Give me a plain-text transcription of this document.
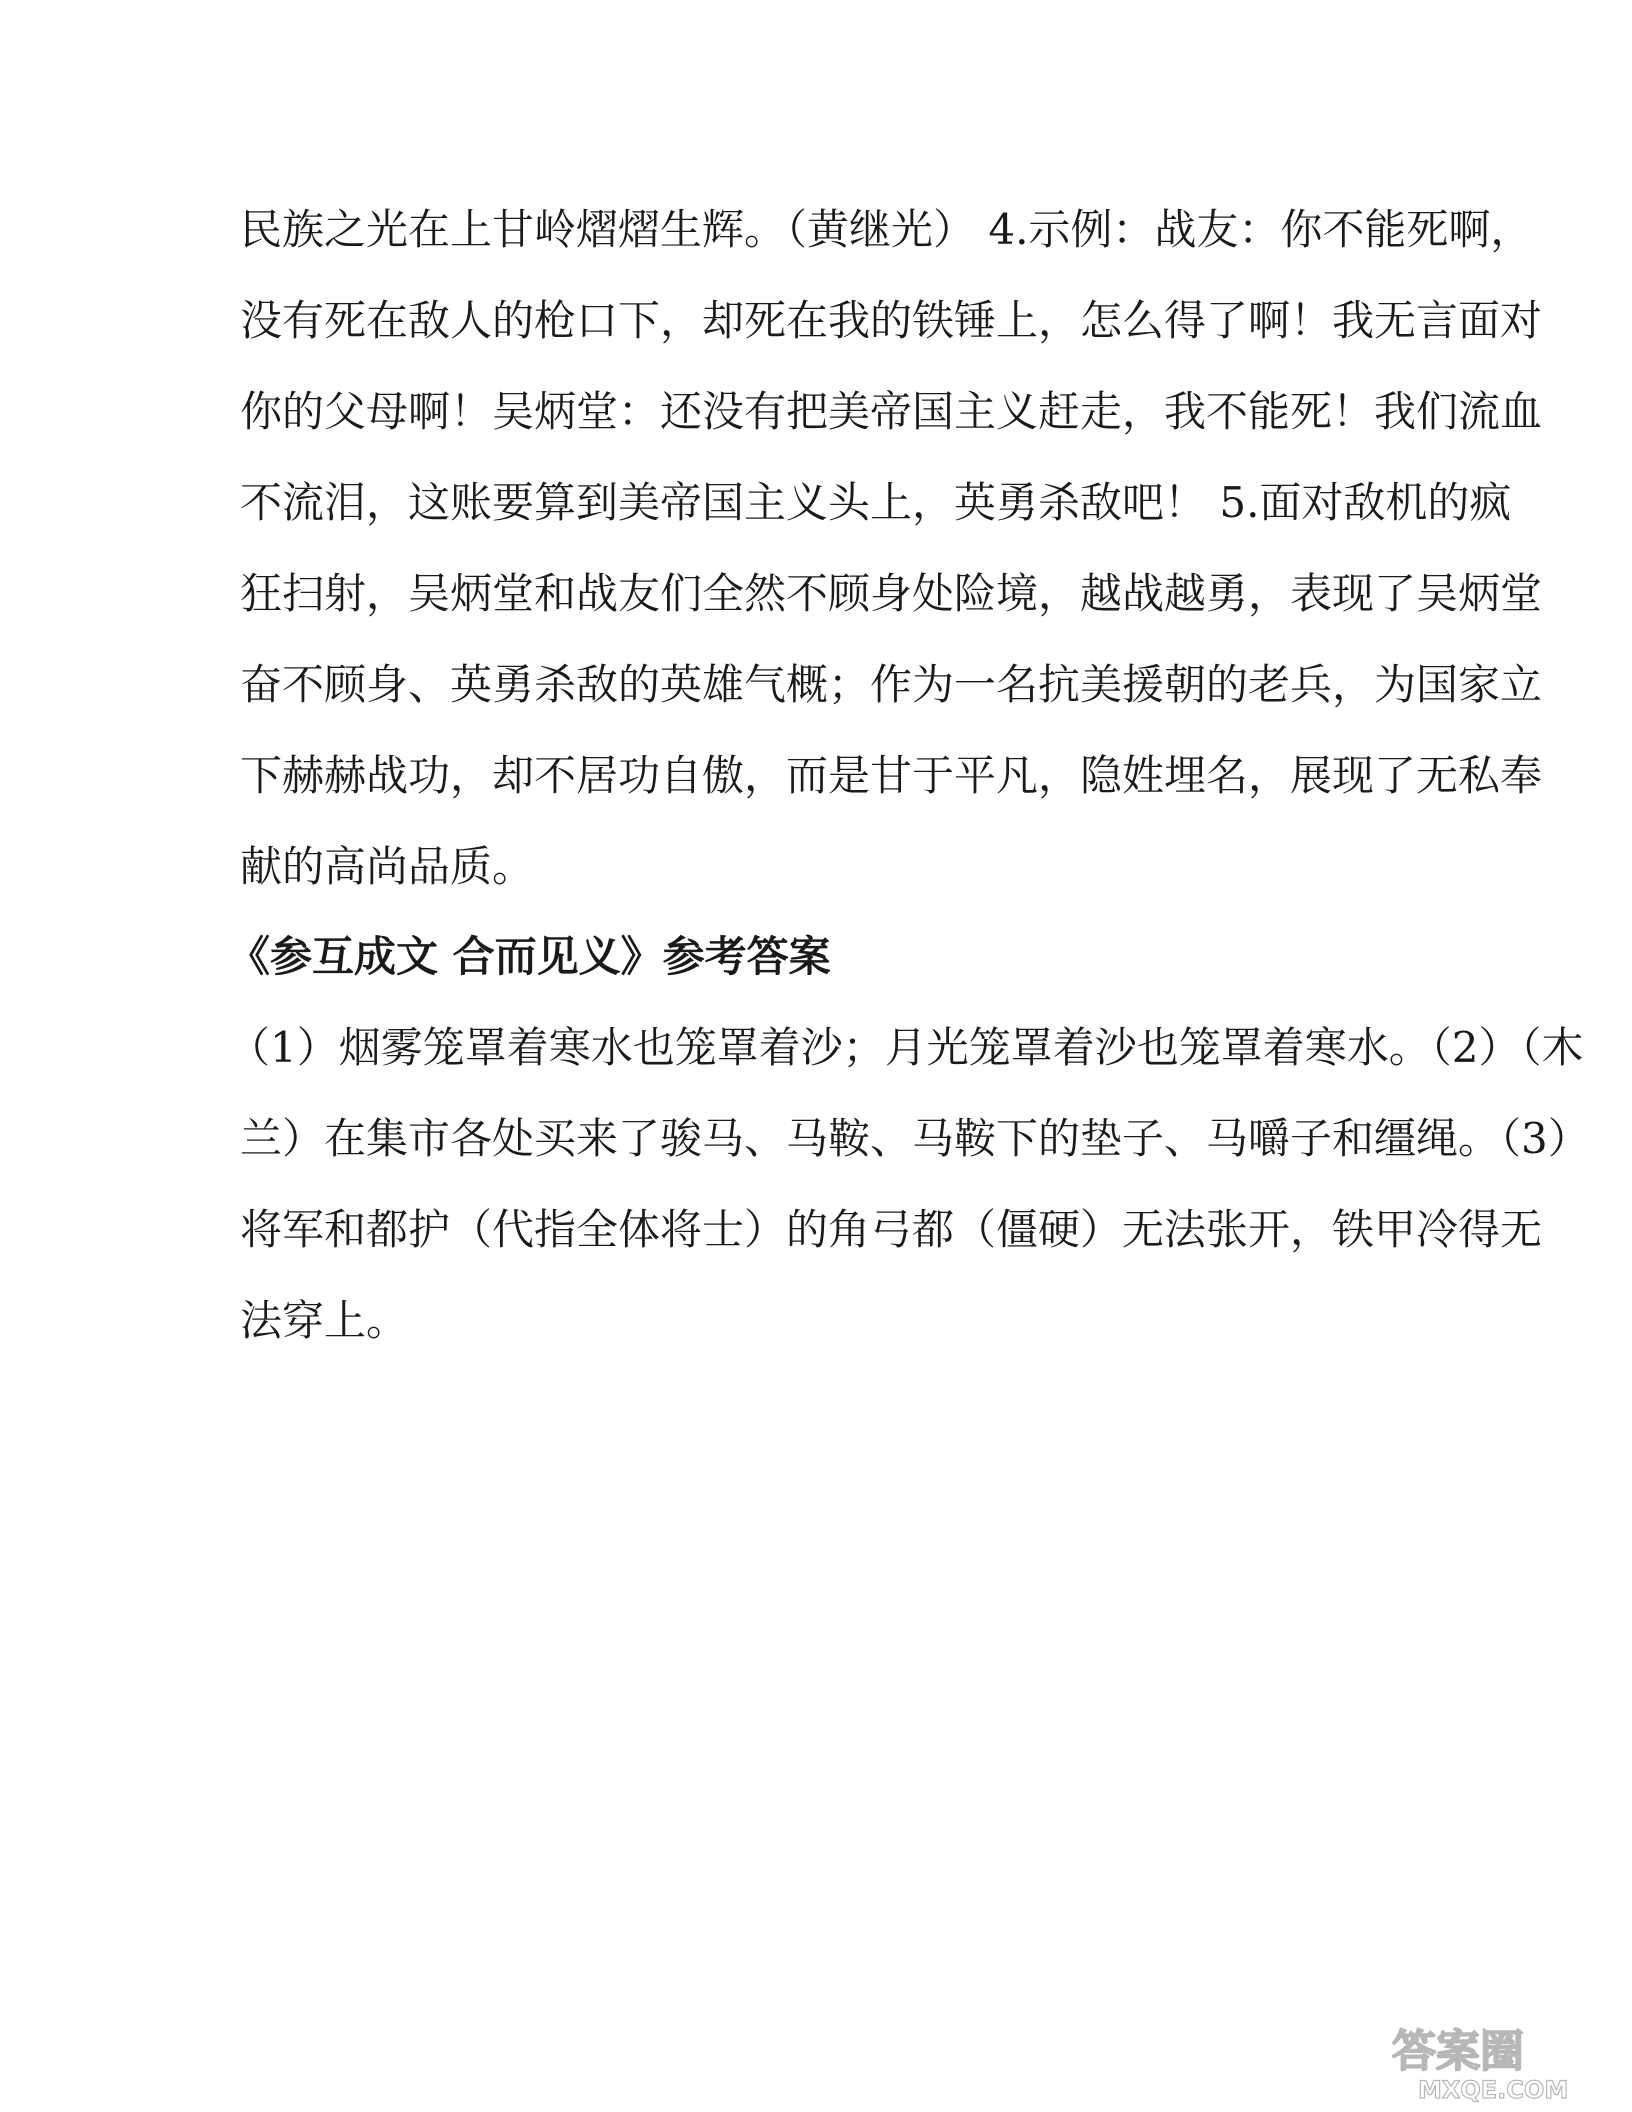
民族之光在上甘岭熠熠生辉。（黄继光） 4.示例：战友：你不能死啊，
没有死在敌人的枪口下，却死在我的铁锤上，怎么得了啊！我无言面对
你的父母啊！吴炳堂：还没有把美帝国主义赶走，我不能死！我们流血
不流泪，这账要算到美帝国主义头上，英勇杀敌吧！ 5.面对敌机的疯
狂扫射，吴炳堂和战友们全然不顾身处险境，越战越勇，表现了吴炳堂
奋不顾身、英勇杀敌的英雄气概；作为一名抗美援朝的老兵，为国家立
下赫赫战功，却不居功自傲，而是甘于平凡，隐姓埋名，展现了无私奉
献的高尚品质。
《参互成文 合而见义》参考答案
（1）烟雾笼罩着寒水也笼罩着沙；月光笼罩着沙也笼罩着寒水。（2）（木
兰）在集市各处买来了骏马、马鞍、马鞍下的垫子、马嚼子和缰绳。（3）
将军和都护（代指全体将士）的角弓都（僵硬）无法张开，铁甲冷得无
法穿上。
答案圈
MXQE.COM
